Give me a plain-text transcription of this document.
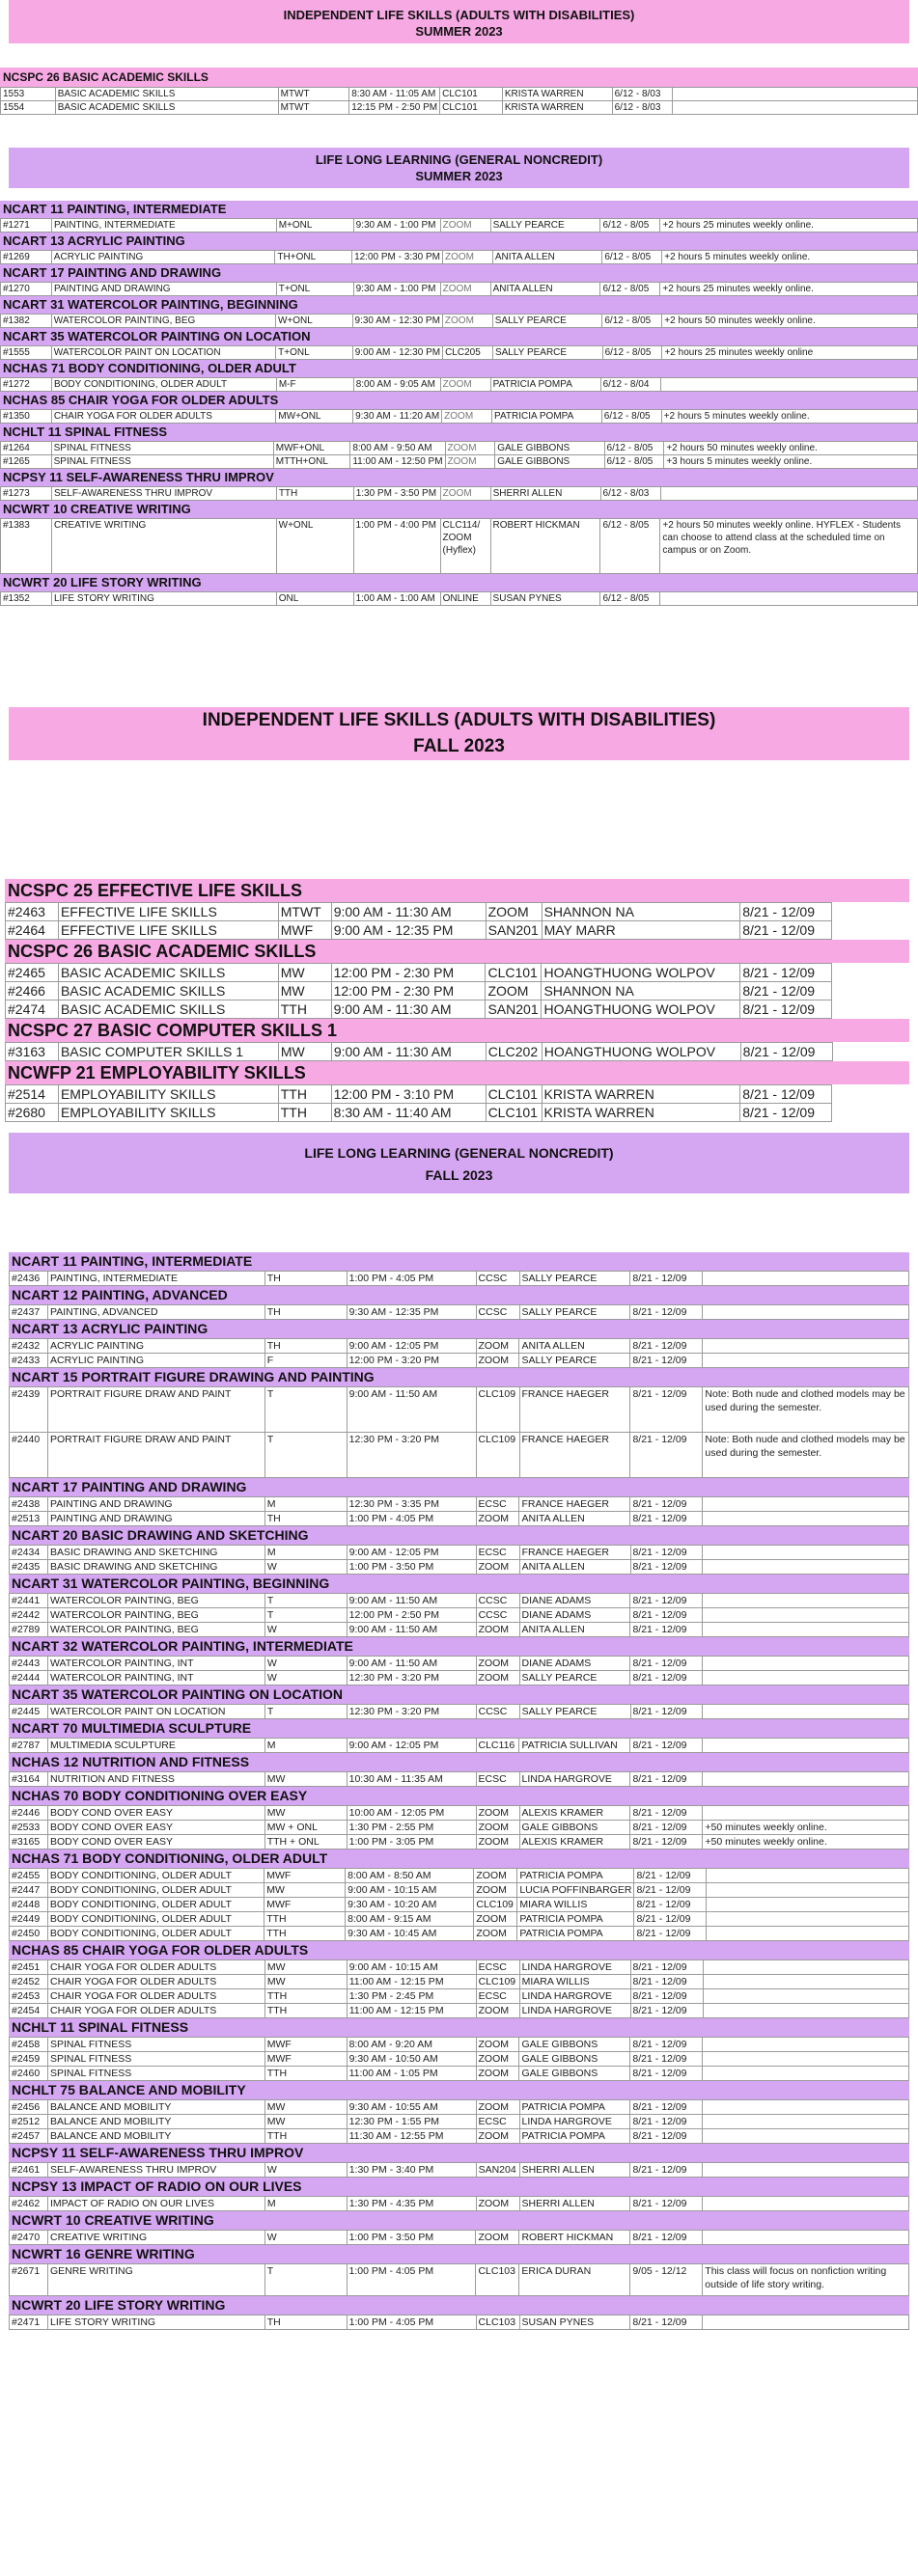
INDEPENDENT LIFE SKILLS (ADULTS WITH DISABILITIES)
SUMMER 2023
NCSPC 26 BASIC ACADEMIC SKILLS
1553	BASIC ACADEMIC SKILLS	MTWT	8:30 AM - 11:05 AM	CLC101	KRISTA WARREN	6/12 - 8/03	
1554	BASIC ACADEMIC SKILLS	MTWT	12:15 PM - 2:50 PM	CLC101	KRISTA WARREN	6/12 - 8/03	
LIFE LONG LEARNING (GENERAL NONCREDIT)
SUMMER 2023
NCART 11 PAINTING, INTERMEDIATE
#1271	PAINTING, INTERMEDIATE	M+ONL	9:30 AM - 1:00 PM	ZOOM	SALLY PEARCE	6/12 - 8/05	+2 hours 25 minutes weekly online.
NCART 13 ACRYLIC PAINTING
#1269	ACRYLIC PAINTING	TH+ONL	12:00 PM - 3:30 PM	ZOOM	ANITA ALLEN	6/12 - 8/05	+2 hours 5 minutes weekly online.
NCART 17 PAINTING AND DRAWING
#1270	PAINTING AND DRAWING	T+ONL	9:30 AM - 1:00 PM	ZOOM	ANITA ALLEN	6/12 - 8/05	+2 hours 25 minutes weekly online.
NCART 31 WATERCOLOR PAINTING, BEGINNING
#1382	WATERCOLOR PAINTING, BEG	W+ONL	9:30 AM - 12:30 PM	ZOOM	SALLY PEARCE	6/12 - 8/05	+2 hours 50 minutes weekly online.
NCART 35 WATERCOLOR PAINTING ON LOCATION
#1555	WATERCOLOR PAINT ON LOCATION	T+ONL	9:00 AM - 12:30 PM	CLC205	SALLY PEARCE	6/12 - 8/05	+2 hours 25 minutes weekly online
NCHAS 71 BODY CONDITIONING, OLDER ADULT
#1272	BODY CONDITIONING, OLDER ADULT	M-F	8:00 AM - 9:05 AM	ZOOM	PATRICIA POMPA	6/12 - 8/04	
NCHAS 85 CHAIR YOGA FOR OLDER ADULTS
#1350	CHAIR YOGA FOR OLDER ADULTS	MW+ONL	9:30 AM - 11:20 AM	ZOOM	PATRICIA POMPA	6/12 - 8/05	+2 hours 5 minutes weekly online.
NCHLT 11 SPINAL FITNESS
#1264	SPINAL FITNESS	MWF+ONL	8:00 AM - 9:50 AM	ZOOM	GALE GIBBONS	6/12 - 8/05	+2 hours 50 minutes weekly online.
#1265	SPINAL FITNESS	MTTH+ONL	11:00 AM - 12:50 PM	ZOOM	GALE GIBBONS	6/12 - 8/05	+3 hours 5 minutes weekly online.
NCPSY 11 SELF-AWARENESS THRU IMPROV
#1273	SELF-AWARENESS THRU IMPROV	TTH	1:30 PM - 3:50 PM	ZOOM	SHERRI ALLEN	6/12 - 8/03	
NCWRT 10 CREATIVE WRITING
#1383	CREATIVE WRITING	W+ONL	1:00 PM - 4:00 PM	CLC114/ ZOOM (Hyflex)	ROBERT HICKMAN	6/12 - 8/05	+2 hours 50 minutes weekly online. HYFLEX - Students can choose to attend class at the scheduled time on campus or on Zoom.
NCWRT 20 LIFE STORY WRITING
#1352	LIFE STORY WRITING	ONL	1:00 AM - 1:00 AM	ONLINE	SUSAN PYNES	6/12 - 8/05	
INDEPENDENT LIFE SKILLS (ADULTS WITH DISABILITIES)
FALL 2023
NCSPC 25 EFFECTIVE LIFE SKILLS
#2463	EFFECTIVE LIFE SKILLS	MTWT	9:00 AM - 11:30 AM	ZOOM	SHANNON NA	8/21 - 12/09
#2464	EFFECTIVE LIFE SKILLS	MWF	9:00 AM - 12:35 PM	SAN201	MAY MARR	8/21 - 12/09
NCSPC 26 BASIC ACADEMIC SKILLS
#2465	BASIC ACADEMIC SKILLS	MW	12:00 PM - 2:30 PM	CLC101	HOANGTHUONG WOLPOV	8/21 - 12/09
#2466	BASIC ACADEMIC SKILLS	MW	12:00 PM - 2:30 PM	ZOOM	SHANNON NA	8/21 - 12/09
#2474	BASIC ACADEMIC SKILLS	TTH	9:00 AM - 11:30 AM	SAN201	HOANGTHUONG WOLPOV	8/21 - 12/09
NCSPC 27 BASIC COMPUTER SKILLS 1
#3163	BASIC COMPUTER SKILLS 1	MW	9:00 AM - 11:30 AM	CLC202	HOANGTHUONG WOLPOV	8/21 - 12/09
NCWFP 21 EMPLOYABILITY SKILLS
#2514	EMPLOYABILITY SKILLS	TTH	12:00 PM - 3:10 PM	CLC101	KRISTA WARREN	8/21 - 12/09
#2680	EMPLOYABILITY SKILLS	TTH	8:30 AM - 11:40 AM	CLC101	KRISTA WARREN	8/21 - 12/09
LIFE LONG LEARNING (GENERAL NONCREDIT)
FALL 2023
NCART 11 PAINTING, INTERMEDIATE
#2436	PAINTING, INTERMEDIATE	TH	1:00 PM - 4:05 PM	CCSC	SALLY PEARCE	8/21 - 12/09	
NCART 12 PAINTING, ADVANCED
#2437	PAINTING, ADVANCED	TH	9:30 AM - 12:35 PM	CCSC	SALLY PEARCE	8/21 - 12/09	
NCART 13 ACRYLIC PAINTING
#2432	ACRYLIC PAINTING	TH	9:00 AM - 12:05 PM	ZOOM	ANITA ALLEN	8/21 - 12/09	
#2433	ACRYLIC PAINTING	F	12:00 PM - 3:20 PM	ZOOM	SALLY PEARCE	8/21 - 12/09	
NCART 15 PORTRAIT FIGURE DRAWING AND PAINTING
#2439	PORTRAIT FIGURE DRAW AND PAINT	T	9:00 AM - 11:50 AM	CLC109	FRANCE HAEGER	8/21 - 12/09	Note: Both nude and clothed models may be used during the semester.
#2440	PORTRAIT FIGURE DRAW AND PAINT	T	12:30 PM - 3:20 PM	CLC109	FRANCE HAEGER	8/21 - 12/09	Note: Both nude and clothed models may be used during the semester.
NCART 17 PAINTING AND DRAWING
#2438	PAINTING AND DRAWING	M	12:30 PM - 3:35 PM	ECSC	FRANCE HAEGER	8/21 - 12/09	
#2513	PAINTING AND DRAWING	TH	1:00 PM - 4:05 PM	ZOOM	ANITA ALLEN	8/21 - 12/09	
NCART 20 BASIC DRAWING AND SKETCHING
#2434	BASIC DRAWING AND SKETCHING	M	9:00 AM - 12:05 PM	ECSC	FRANCE HAEGER	8/21 - 12/09	
#2435	BASIC DRAWING AND SKETCHING	W	1:00 PM - 3:50 PM	ZOOM	ANITA ALLEN	8/21 - 12/09	
NCART 31 WATERCOLOR PAINTING, BEGINNING
#2441	WATERCOLOR PAINTING, BEG	T	9:00 AM - 11:50 AM	CCSC	DIANE ADAMS	8/21 - 12/09	
#2442	WATERCOLOR PAINTING, BEG	T	12:00 PM - 2:50 PM	CCSC	DIANE ADAMS	8/21 - 12/09	
#2789	WATERCOLOR PAINTING, BEG	W	9:00 AM - 11:50 AM	ZOOM	ANITA ALLEN	8/21 - 12/09	
NCART 32 WATERCOLOR PAINTING, INTERMEDIATE
#2443	WATERCOLOR PAINTING, INT	W	9:00 AM - 11:50 AM	ZOOM	DIANE ADAMS	8/21 - 12/09	
#2444	WATERCOLOR PAINTING, INT	W	12:30 PM - 3:20 PM	ZOOM	SALLY PEARCE	8/21 - 12/09	
NCART 35 WATERCOLOR PAINTING ON LOCATION
#2445	WATERCOLOR PAINT ON LOCATION	T	12:30 PM - 3:20 PM	CCSC	SALLY PEARCE	8/21 - 12/09	
NCART 70 MULTIMEDIA SCULPTURE
#2787	MULTIMEDIA SCULPTURE	M	9:00 AM - 12:05 PM	CLC116	PATRICIA SULLIVAN	8/21 - 12/09	
NCHAS 12 NUTRITION AND FITNESS
#3164	NUTRITION AND FITNESS	MW	10:30 AM - 11:35 AM	ECSC	LINDA HARGROVE	8/21 - 12/09	
NCHAS 70 BODY CONDITIONING OVER EASY
#2446	BODY COND OVER EASY	MW	10:00 AM - 12:05 PM	ZOOM	ALEXIS KRAMER	8/21 - 12/09	
#2533	BODY COND OVER EASY	MW + ONL	1:30 PM - 2:55 PM	ZOOM	GALE GIBBONS	8/21 - 12/09	+50 minutes weekly online.
#3165	BODY COND OVER EASY	TTH + ONL	1:00 PM - 3:05 PM	ZOOM	ALEXIS KRAMER	8/21 - 12/09	+50 minutes weekly online.
NCHAS 71 BODY CONDITIONING, OLDER ADULT
#2455	BODY CONDITIONING, OLDER ADULT	MWF	8:00 AM - 8:50 AM	ZOOM	PATRICIA POMPA	8/21 - 12/09	
#2447	BODY CONDITIONING, OLDER ADULT	MW	9:00 AM - 10:15 AM	ZOOM	LUCIA POFFINBARGER	8/21 - 12/09	
#2448	BODY CONDITIONING, OLDER ADULT	MWF	9:30 AM - 10:20 AM	CLC109	MIARA WILLIS	8/21 - 12/09	
#2449	BODY CONDITIONING, OLDER ADULT	TTH	8:00 AM - 9:15 AM	ZOOM	PATRICIA POMPA	8/21 - 12/09	
#2450	BODY CONDITIONING, OLDER ADULT	TTH	9:30 AM - 10:45 AM	ZOOM	PATRICIA POMPA	8/21 - 12/09	
NCHAS 85 CHAIR YOGA FOR OLDER ADULTS
#2451	CHAIR YOGA FOR OLDER ADULTS	MW	9:00 AM - 10:15 AM	ECSC	LINDA HARGROVE	8/21 - 12/09	
#2452	CHAIR YOGA FOR OLDER ADULTS	MW	11:00 AM - 12:15 PM	CLC109	MIARA WILLIS	8/21 - 12/09	
#2453	CHAIR YOGA FOR OLDER ADULTS	TTH	1:30 PM - 2:45 PM	ECSC	LINDA HARGROVE	8/21 - 12/09	
#2454	CHAIR YOGA FOR OLDER ADULTS	TTH	11:00 AM - 12:15 PM	ZOOM	LINDA HARGROVE	8/21 - 12/09	
NCHLT 11 SPINAL FITNESS
#2458	SPINAL FITNESS	MWF	8:00 AM - 9:20 AM	ZOOM	GALE GIBBONS	8/21 - 12/09	
#2459	SPINAL FITNESS	MWF	9:30 AM - 10:50 AM	ZOOM	GALE GIBBONS	8/21 - 12/09	
#2460	SPINAL FITNESS	TTH	11:00 AM - 1:05 PM	ZOOM	GALE GIBBONS	8/21 - 12/09	
NCHLT 75 BALANCE AND MOBILITY
#2456	BALANCE AND MOBILITY	MW	9:30 AM - 10:55 AM	ZOOM	PATRICIA POMPA	8/21 - 12/09	
#2512	BALANCE AND MOBILITY	MW	12:30 PM - 1:55 PM	ECSC	LINDA HARGROVE	8/21 - 12/09	
#2457	BALANCE AND MOBILITY	TTH	11:30 AM - 12:55 PM	ZOOM	PATRICIA POMPA	8/21 - 12/09	
NCPSY 11 SELF-AWARENESS THRU IMPROV
#2461	SELF-AWARENESS THRU IMPROV	W	1:30 PM - 3:40 PM	SAN204	SHERRI ALLEN	8/21 - 12/09	
NCPSY 13 IMPACT OF RADIO ON OUR LIVES
#2462	IMPACT OF RADIO ON OUR LIVES	M	1:30 PM - 4:35 PM	ZOOM	SHERRI ALLEN	8/21 - 12/09	
NCWRT 10 CREATIVE WRITING
#2470	CREATIVE WRITING	W	1:00 PM - 3:50 PM	ZOOM	ROBERT HICKMAN	8/21 - 12/09	
NCWRT 16 GENRE WRITING
#2671	GENRE WRITING	T	1:00 PM - 4:05 PM	CLC103	ERICA DURAN	9/05 - 12/12	This class will focus on nonfiction writing outside of life story writing.
NCWRT 20 LIFE STORY WRITING
#2471	LIFE STORY WRITING	TH	1:00 PM - 4:05 PM	CLC103	SUSAN PYNES	8/21 - 12/09	
